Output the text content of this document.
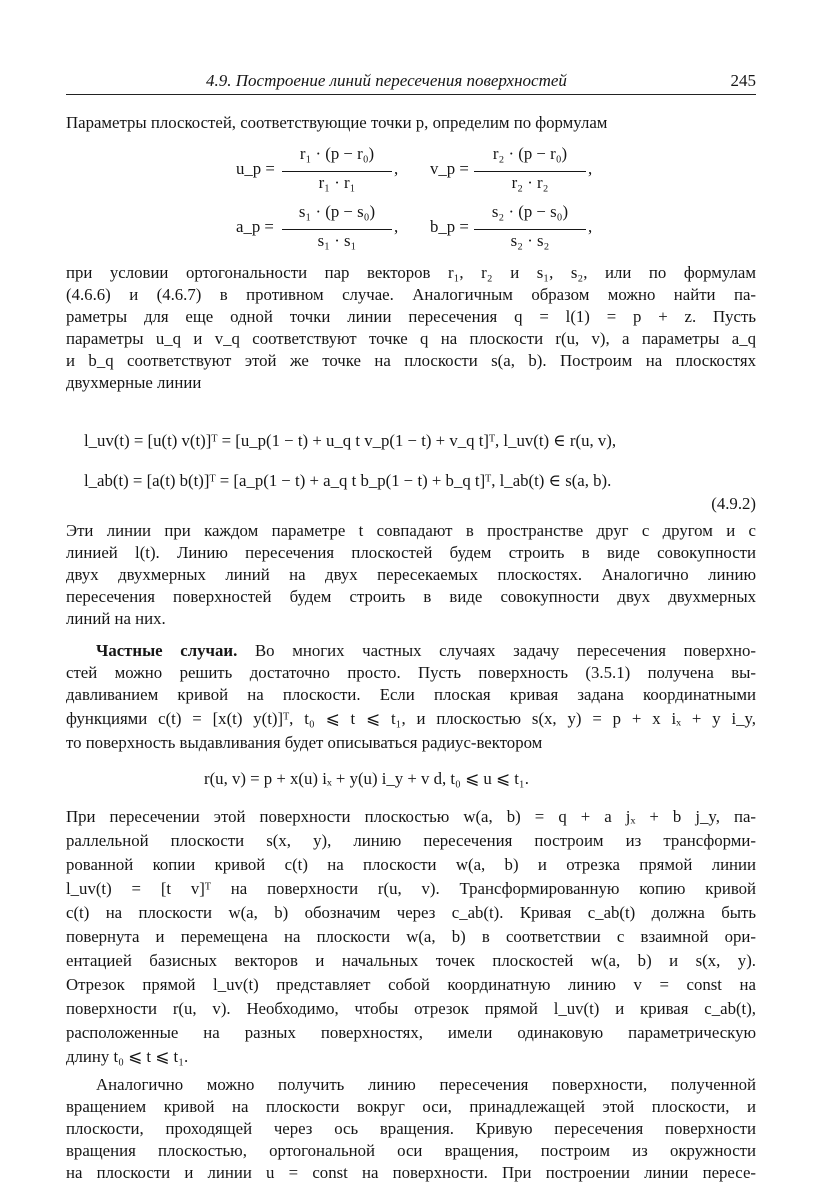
4.9. Построение линий пересечения поверхностей	245
Параметры плоскостей, соответствующие точки p, определим по формулам
u_p =
r₁ · (p − r₀)
r₁ · r₁
, v_p =
r₂ · (p − r₀)
r₂ · r₂
,
a_p =
s₁ · (p − s₀)
s₁ · s₁
, b_p =
s₂ · (p − s₀)
s₂ · s₂
,
при условии ортогональности пар векторов r₁, r₂ и s₁, s₂, или по формулам
(4.6.6) и (4.6.7) в противном случае. Аналогичным образом можно найти па-
раметры для еще одной точки линии пересечения q = l(1) = p + z. Пусть
параметры u_q и v_q соответствуют точке q на плоскости r(u, v), а параметры a_q
и b_q соответствуют этой же точке на плоскости s(a, b). Построим на плоскостях
двухмерные линии
l_uv(t) = [u(t) v(t)]ᵀ = [u_p(1 − t) + u_q t v_p(1 − t) + v_q t]ᵀ, l_uv(t) ∈ r(u, v),
l_ab(t) = [a(t) b(t)]ᵀ = [a_p(1 − t) + a_q t b_p(1 − t) + b_q t]ᵀ, l_ab(t) ∈ s(a, b).
(4.9.2)
Эти линии при каждом параметре t совпадают в пространстве друг с другом и с
линией l(t). Линию пересечения плоскостей будем строить в виде совокупности
двух двухмерных линий на двух пересекаемых плоскостях. Аналогично линию
пересечения поверхностей будем строить в виде совокупности двух двухмерных
линий на них.
Частные случаи. Во многих частных случаях задачу пересечения поверхно-
стей можно решить достаточно просто. Пусть поверхность (3.5.1) получена вы-
давливанием кривой на плоскости. Если плоская кривая задана координатными
функциями c(t) = [x(t) y(t)]ᵀ, t₀ ⩽ t ⩽ t₁, и плоскостью s(x, y) = p + x iₓ + y i_y,
то поверхность выдавливания будет описываться радиус-вектором
r(u, v) = p + x(u) iₓ + y(u) i_y + v d, t₀ ⩽ u ⩽ t₁.
При пересечении этой поверхности плоскостью w(a, b) = q + a jₓ + b j_y, па-
раллельной плоскости s(x, y), линию пересечения построим из трансформи-
рованной копии кривой c(t) на плоскости w(a, b) и отрезка прямой линии
l_uv(t) = [t v]ᵀ на поверхности r(u, v). Трансформированную копию кривой
c(t) на плоскости w(a, b) обозначим через c_ab(t). Кривая c_ab(t) должна быть
повернута и перемещена на плоскости w(a, b) в соответствии с взаимной ори-
ентацией базисных векторов и начальных точек плоскостей w(a, b) и s(x, y).
Отрезок прямой l_uv(t) представляет собой координатную линию v = const на
поверхности r(u, v). Необходимо, чтобы отрезок прямой l_uv(t) и кривая c_ab(t),
расположенные на разных поверхностях, имели одинаковую параметрическую
длину t₀ ⩽ t ⩽ t₁.
Аналогично можно получить линию пересечения поверхности, полученной
вращением кривой на плоскости вокруг оси, принадлежащей этой плоскости, и
плоскости, проходящей через ось вращения. Кривую пересечения поверхности
вращения плоскостью, ортогональной оси вращения, построим из окружности
на плоскости и линии u = const на поверхности. При построении линии пересе-
